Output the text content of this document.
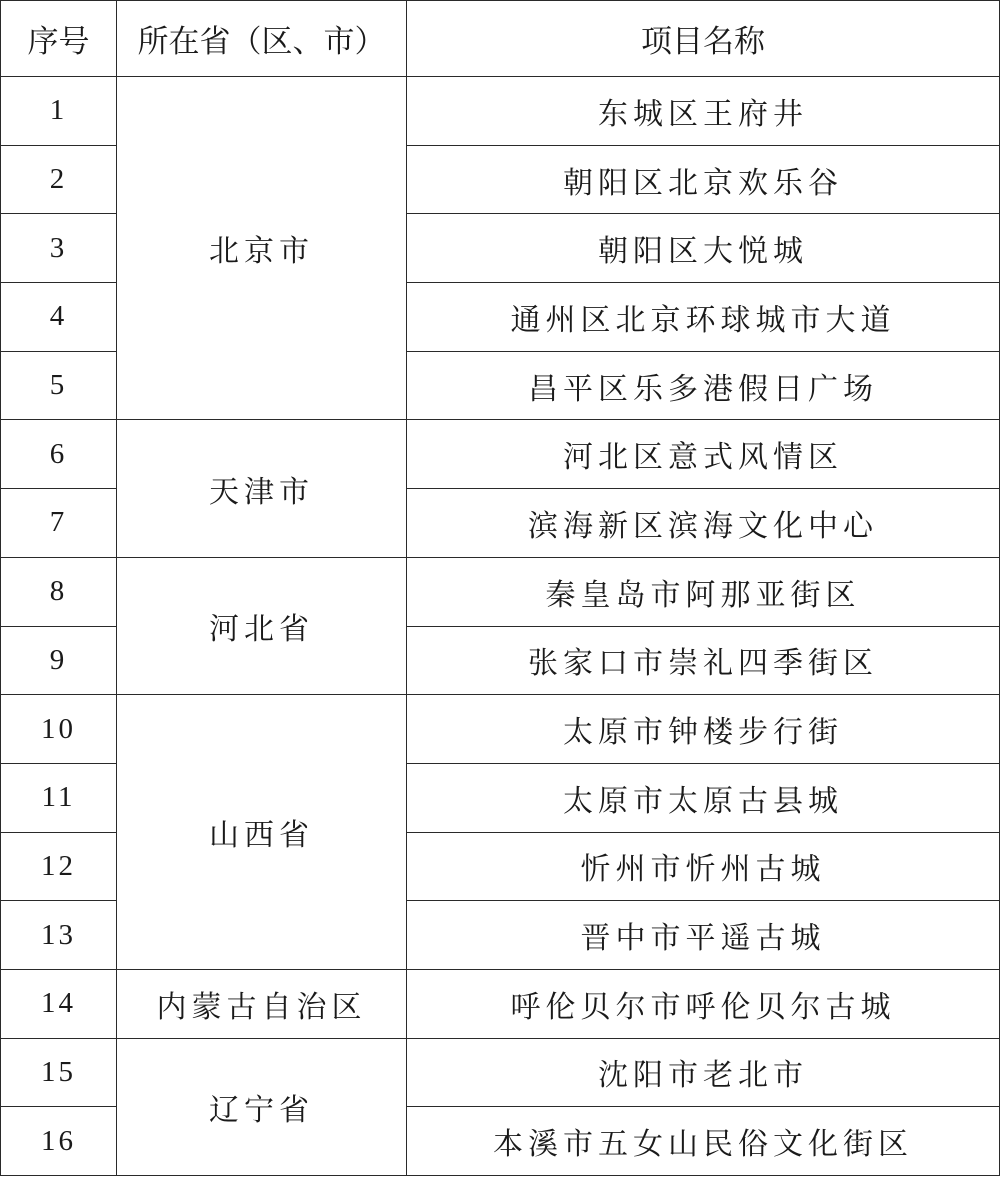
序号	所在省（区、市）	项目名称
1	北京市	东城区王府井
2		朝阳区北京欢乐谷
3		朝阳区大悦城
4		通州区北京环球城市大道
5		昌平区乐多港假日广场
6	天津市	河北区意式风情区
7		滨海新区滨海文化中心
8	河北省	秦皇岛市阿那亚街区
9		张家口市崇礼四季街区
10	山西省	太原市钟楼步行街
11		太原市太原古县城
12		忻州市忻州古城
13		晋中市平遥古城
14	内蒙古自治区	呼伦贝尔市呼伦贝尔古城
15	辽宁省	沈阳市老北市
16		本溪市五女山民俗文化街区
